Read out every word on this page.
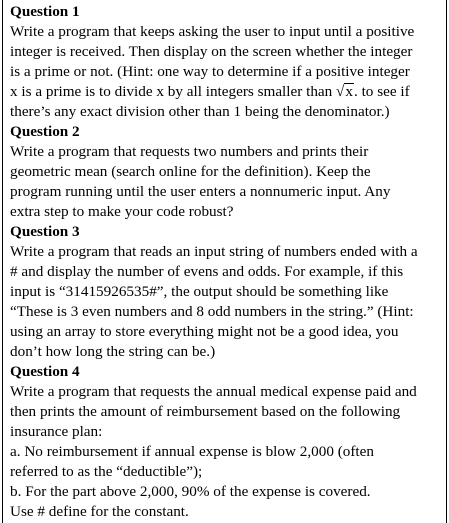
Question 1
Write a program that keeps asking the user to input until a positive
integer is received. Then display on the screen whether the integer
is a prime or not. (Hint: one way to determine if a positive integer
x is a prime is to divide x by all integers smaller than √x. to see if
there’s any exact division other than 1 being the denominator.)
Question 2
Write a program that requests two numbers and prints their
geometric mean (search online for the definition). Keep the
program running until the user enters a nonnumeric input. Any
extra step to make your code robust?
Question 3
Write a program that reads an input string of numbers ended with a
# and display the number of evens and odds. For example, if this
input is “31415926535#”, the output should be something like
“These is 3 even numbers and 8 odd numbers in the string.” (Hint:
using an array to store everything might not be a good idea, you
don’t how long the string can be.)
Question 4
Write a program that requests the annual medical expense paid and
then prints the amount of reimbursement based on the following
insurance plan:
a. No reimbursement if annual expense is blow 2,000 (often
referred to as the “deductible”);
b. For the part above 2,000, 90% of the expense is covered.
Use # define for the constant.
